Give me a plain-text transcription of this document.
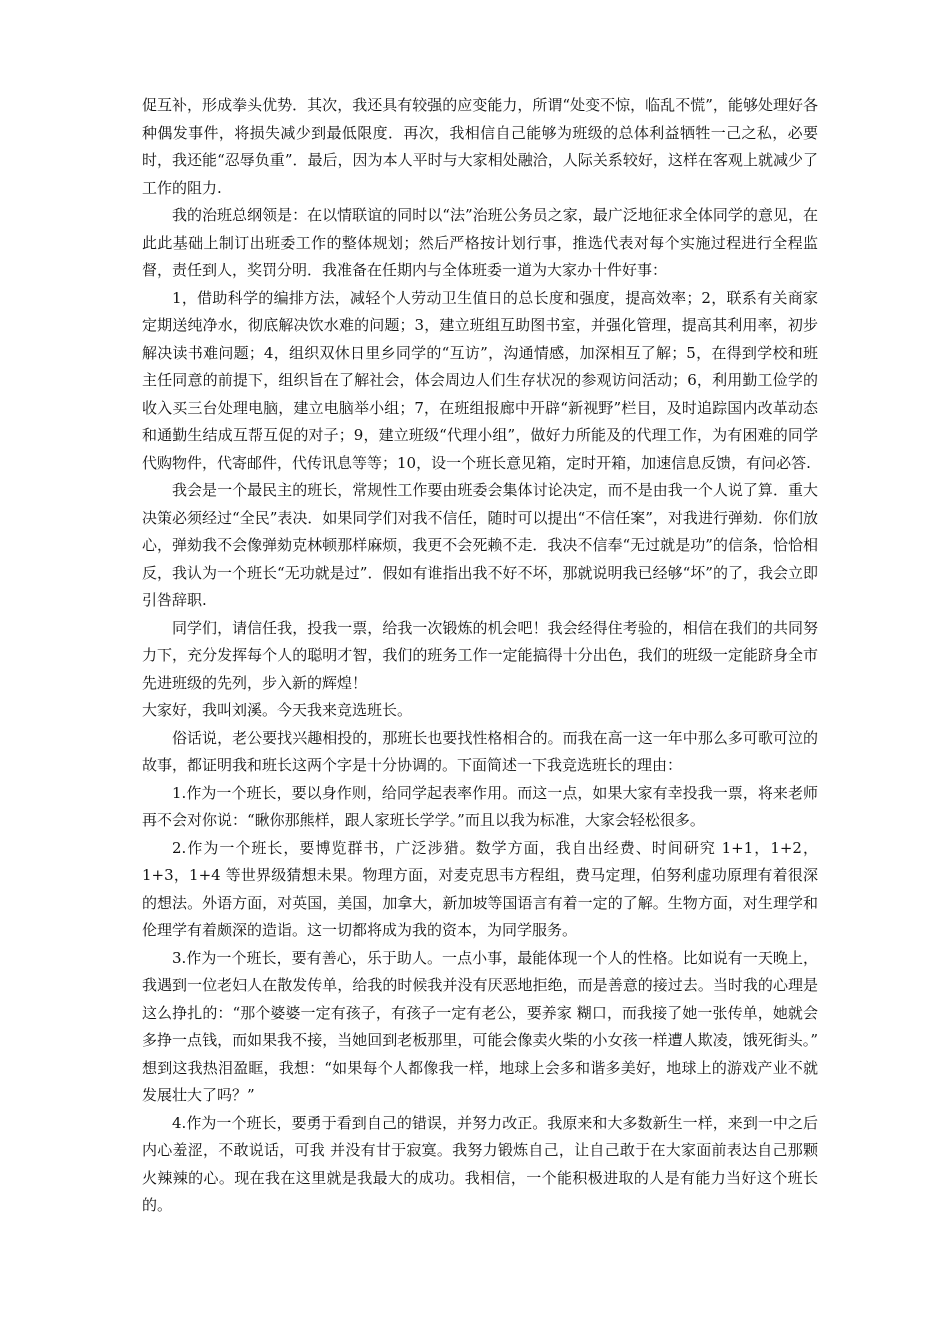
促互补，形成拳头优势．其次，我还具有较强的应变能力，所谓“处变不惊，临乱不慌”，能够处理好各种偶发事件，将损失减少到最低限度．再次，我相信自己能够为班级的总体利益牺牲一己之私，必要时，我还能“忍辱负重”．最后，因为本人平时与大家相处融洽，人际关系较好，这样在客观上就减少了工作的阻力.

我的治班总纲领是：在以情联谊的同时以“法”治班公务员之家，最广泛地征求全体同学的意见，在此此基础上制订出班委工作的整体规划；然后严格按计划行事，推选代表对每个实施过程进行全程监督，责任到人，奖罚分明．我准备在任期内与全体班委一道为大家办十件好事：

1，借助科学的编排方法，减轻个人劳动卫生值日的总长度和强度，提高效率；2，联系有关商家定期送纯净水，彻底解决饮水难的问题；3，建立班组互助图书室，并强化管理，提高其利用率，初步解决读书难问题；4，组织双休日里乡同学的“互访”，沟通情感，加深相互了解；5，在得到学校和班主任同意的前提下，组织旨在了解社会，体会周边人们生存状况的参观访问活动；6，利用勤工俭学的收入买三台处理电脑，建立电脑举小组；7，在班组报廊中开辟“新视野”栏目，及时追踪国内改革动态和通勤生结成互帮互促的对子；9，建立班级“代理小组”，做好力所能及的代理工作，为有困难的同学代购物件，代寄邮件，代传讯息等等；10，设一个班长意见箱，定时开箱，加速信息反馈，有问必答.

我会是一个最民主的班长，常规性工作要由班委会集体讨论决定，而不是由我一个人说了算．重大决策必须经过“全民”表决．如果同学们对我不信任，随时可以提出“不信任案”，对我进行弹劾．你们放心，弹劾我不会像弹劾克林顿那样麻烦，我更不会死赖不走．我决不信奉“无过就是功”的信条，恰恰相反，我认为一个班长“无功就是过”．假如有谁指出我不好不坏，那就说明我已经够“坏”的了，我会立即引咎辞职.

同学们，请信任我，投我一票，给我一次锻炼的机会吧！我会经得住考验的，相信在我们的共同努力下，充分发挥每个人的聪明才智，我们的班务工作一定能搞得十分出色，我们的班级一定能跻身全市先进班级的先列，步入新的辉煌！

大家好，我叫刘溪。今天我来竞选班长。

俗话说，老公要找兴趣相投的，那班长也要找性格相合的。而我在高一这一年中那么多可歌可泣的故事，都证明我和班长这两个字是十分协调的。下面简述一下我竞选班长的理由：

1.作为一个班长，要以身作则，给同学起表率作用。而这一点，如果大家有幸投我一票，将来老师再不会对你说：“瞅你那熊样，跟人家班长学学。”而且以我为标准，大家会轻松很多。

2.作为一个班长，要博览群书，广泛涉猎。数学方面，我自出经费、时间研究 1+1，1+2，1+3，1+4 等世界级猜想未果。物理方面，对麦克思韦方程组，费马定理，伯努利虚功原理有着很深的想法。外语方面，对英国，美国，加拿大，新加坡等国语言有着一定的了解。生物方面，对生理学和伦理学有着颇深的造诣。这一切都将成为我的资本，为同学服务。

3.作为一个班长，要有善心，乐于助人。一点小事，最能体现一个人的性格。比如说有一天晚上，我遇到一位老妇人在散发传单，给我的时候我并没有厌恶地拒绝，而是善意的接过去。当时我的心理是这么挣扎的：“那个婆婆一定有孩子，有孩子一定有老公，要养家 糊口，而我接了她一张传单，她就会多挣一点钱，而如果我不接，当她回到老板那里，可能会像卖火柴的小女孩一样遭人欺凌，饿死街头。” 想到这我热泪盈眶，我想：“如果每个人都像我一样，地球上会多和谐多美好，地球上的游戏产业不就发展壮大了吗？”

4.作为一个班长，要勇于看到自己的错误，并努力改正。我原来和大多数新生一样，来到一中之后内心羞涩，不敢说话，可我 并没有甘于寂寞。我努力锻炼自己，让自己敢于在大家面前表达自己那颗火辣辣的心。现在我在这里就是我最大的成功。我相信，一个能积极进取的人是有能力当好这个班长的。
